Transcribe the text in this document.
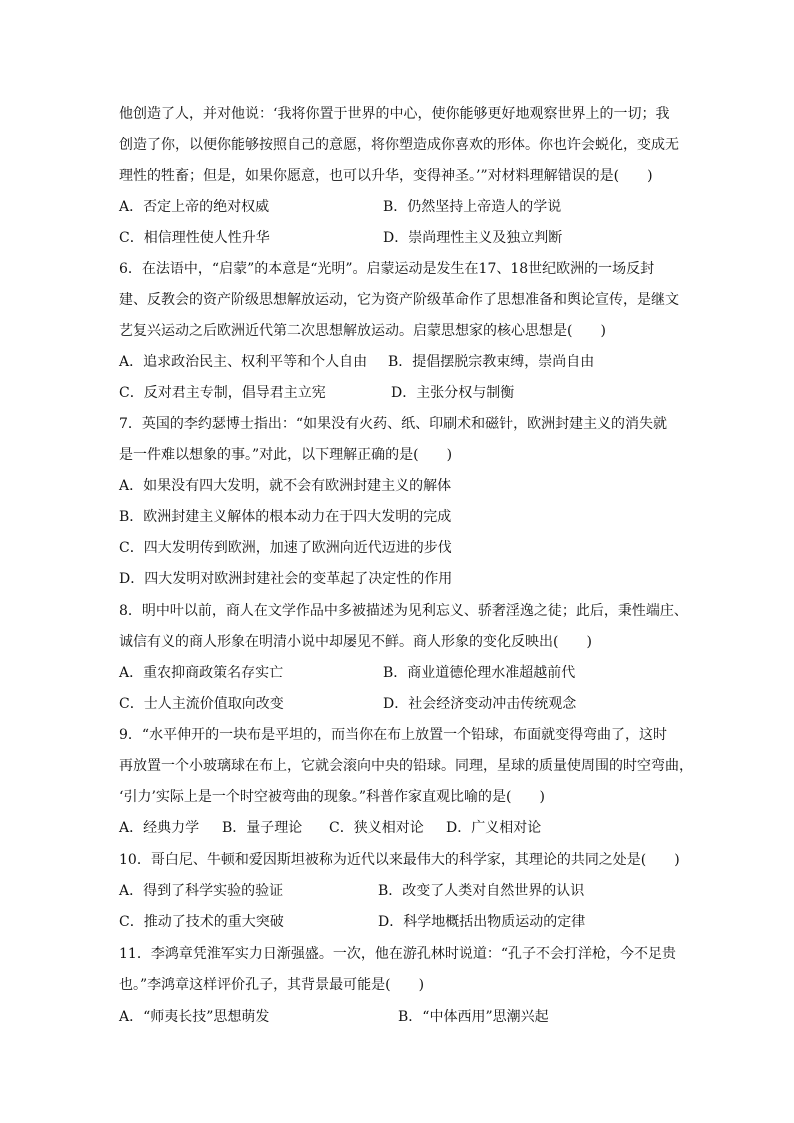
他创造了人，并对他说：‘我将你置于世界的中心，使你能够更好地观察世界上的一切；我
创造了你，以便你能够按照自己的意愿，将你塑造成你喜欢的形体。你也许会蜕化，变成无
理性的牲畜；但是，如果你愿意，也可以升华，变得神圣。’”对材料理解错误的是(　　)
A．否定上帝的绝对权威	B．仍然坚持上帝造人的学说
C．相信理性使人性升华	D．崇尚理性主义及独立判断
6．在法语中，“启蒙”的本意是“光明”。启蒙运动是发生在17、18世纪欧洲的一场反封
建、反教会的资产阶级思想解放运动，它为资产阶级革命作了思想准备和舆论宣传，是继文
艺复兴运动之后欧洲近代第二次思想解放运动。启蒙思想家的核心思想是(　　)
A．追求政治民主、权利平等和个人自由 B．提倡摆脱宗教束缚，崇尚自由
C．反对君主专制，倡导君主立宪	D．主张分权与制衡
7．英国的李约瑟博士指出：“如果没有火药、纸、印刷术和磁针，欧洲封建主义的消失就
是一件难以想象的事。”对此，以下理解正确的是(　　)
A．如果没有四大发明，就不会有欧洲封建主义的解体
B．欧洲封建主义解体的根本动力在于四大发明的完成
C．四大发明传到欧洲，加速了欧洲向近代迈进的步伐
D．四大发明对欧洲封建社会的变革起了决定性的作用
8．明中叶以前，商人在文学作品中多被描述为见利忘义、骄奢淫逸之徒；此后，秉性端庄、
诚信有义的商人形象在明清小说中却屡见不鲜。商人形象的变化反映出(　　)
A．重农抑商政策名存实亡	B．商业道德伦理水准超越前代
C．士人主流价值取向改变	D．社会经济变动冲击传统观念
9．“水平伸开的一块布是平坦的，而当你在布上放置一个铅球，布面就变得弯曲了，这时
再放置一个小玻璃球在布上，它就会滚向中央的铅球。同理，星球的质量使周围的时空弯曲，
‘引力’实际上是一个时空被弯曲的现象。”科普作家直观比喻的是(　　)
A．经典力学 B．量子理论 C．狭义相对论 D．广义相对论
10．哥白尼、牛顿和爱因斯坦被称为近代以来最伟大的科学家，其理论的共同之处是(　　)
A．得到了科学实验的验证	B．改变了人类对自然世界的认识
C．推动了技术的重大突破	D．科学地概括出物质运动的定律
11．李鸿章凭淮军实力日渐强盛。一次，他在游孔林时说道：“孔子不会打洋枪，今不足贵
也。”李鸿章这样评价孔子，其背景最可能是(　　)
A．“师夷长技”思想萌发	B．“中体西用”思潮兴起
